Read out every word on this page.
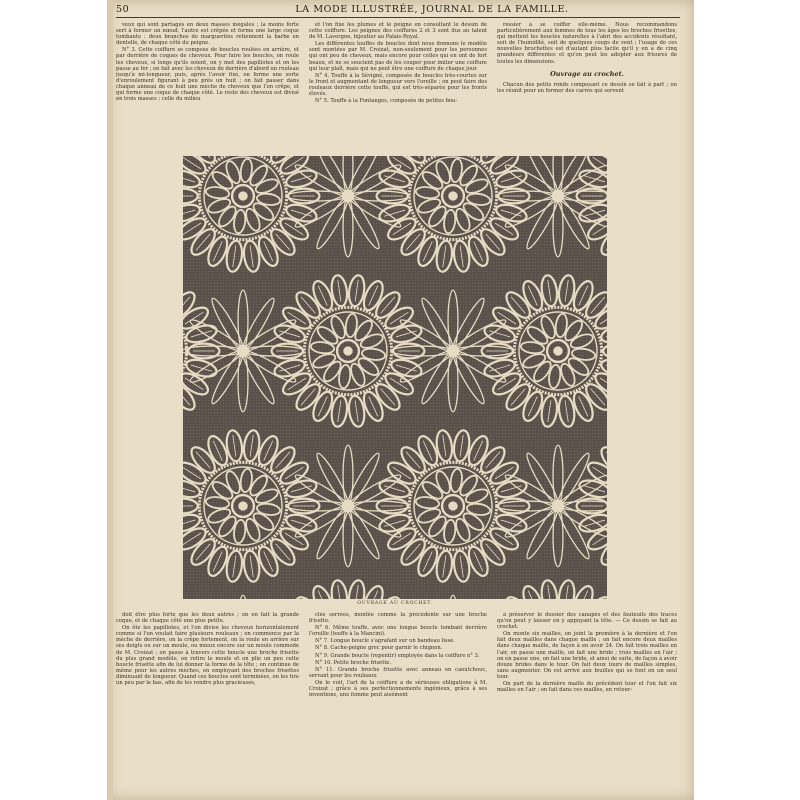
50	LA MODE ILLUSTRÉE, JOURNAL DE LA FAMILLE.

veux qui sont partagés en deux masses inégales ; la moins forte sert à former un nœud, l'autre est crêpée et forme une large coque tombante : deux branches de marguerites retiennent la barbe en dentelle, de chaque côté du peigne.

N° 3. Cette coiffure se compose de boucles roulées en arrière, et par derrière de coques de cheveux. Pour faire les boucles, on roule les cheveux, si longs qu'ils soient, on y met des papillotes et on les passe au fer ; on fait avec les cheveux de derrière d'abord un rouleau jusqu'à mi-longueur, puis, après l'avoir fixé, on forme une sorte d'enroulement figurant à peu près un huit ; on fait passer dans chaque anneau de ce huit une mèche de cheveux que l'on crêpe, et qui forme une coque de chaque côté. Le reste des cheveux est divisé en trois masses ; celle du milieu

et l'on fixe les plumes et le peigne en consultant le dessin de cette coiffure. Les peignes des coiffures 2 et 3 sont dus au talent de M. Lavergne, bijoutier au Palais-Royal.

Les différentes touffes de boucles dont nous donnons le modèle sont montées par M. Croizat, non-seulement pour les personnes qui ont peu de cheveux, mais encore pour celles qui en ont de fort beaux, et ne se soucient pas de les couper pour imiter une coiffure qui leur plaît, mais qui ne peut être une coiffure de chaque jour.

N° 4. Touffe à la Sévigné, composée de boucles très-courtes sur le front et augmentant de longueur vers l'oreille ; on peut faire des rouleaux derrière cette touffe, qui est très-séparée pour les fronts élevés.

N° 5. Touffe à la Fontanges, composée de petites bou-

ressier à se coiffer elle-même. Nous recommandons particulièrement aux femmes de tous les âges les broches frisettes, qui mettent les boucles naturelles à l'abri des accidents résultant, soit de l'humidité, soit de quelques coups de vent ; l'usage de ces nouvelles brochettes est d'autant plus facile qu'il y en a de cinq grandeurs différentes et qu'on peut les adopter aux frisures de toutes les dimensions.

Ouvrage au crochet.

Chacun des petits ronds composant ce dessin se fait à part ; on les réunit pour en former des carrés qui servent

OUVRAGE AU CROCHET.

doit être plus forte que les deux autres ; on en fait la grande coque, et de chaque côté une plus petite.

On ôte les papillotes, et l'on divise les cheveux horizontalement comme si l'on voulait faire plusieurs rouleaux ; on commence par la mèche de derrière, on la crêpe fortement, on la roule en arrière sur ses doigts ou sur un moule, ou mieux encore sur un moule commode de M. Croizat ; on passe à travers cette boucle une broche frisette du plus grand modèle, on retire le moule et on plie un peu cette boucle frisette afin de lui donner la forme de la tête ; on continue de même pour les autres mèches, en employant des broches frisettes diminuant de longueur. Quand ces boucles sont terminées, on les tire un peu par le bas, afin de les rendre plus gracieuses,

clés serrées, montée comme la précédente sur une broche frisette.

N° 6. Même touffe, avec une longue boucle tombant derrière l'oreille (touffe à la Mancini).

N° 7. Longue boucle s'agrafant sur un bandeau lisse.

N° 8. Cache-peigne grec pour garnir le chignon.

N° 9. Grande boucle (repentir) employée dans la coiffure n° 3.

N° 10. Petite broche frisette.

N° 11. Grande broche frisette avec anneau en caoutchouc, servant pour les rouleaux.

On le voit, l'art de la coiffure a de sérieuses obligations à M. Croizat ; grâce à ses perfectionnements ingénieux, grâce à ses inventions, une femme peut aisément

à préserver le dossier des canapés et des fauteuils des traces qu'on peut y laisser en y appuyant la tête. — Ce dessin se fait au crochet.

On monte six mailles, on joint la première à la dernière et l'on fait deux mailles dans chaque maille ; on fait encore deux mailles dans chaque maille, de façon à en avoir 24. On fait trois mailles en l'air, on passe une maille, on fait une bride ; trois mailles en l'air ; on en passe une, on fait une bride, et ainsi de suite, de façon à avoir douze brides dans le tour. On fait deux tours de mailles simples, sans augmenter. On est arrivé aux feuilles qui se font en un seul tour.

On part de la dernière maille du précédent tour et l'on fait six mailles en l'air ; on fait dans ces mailles, en retour-
